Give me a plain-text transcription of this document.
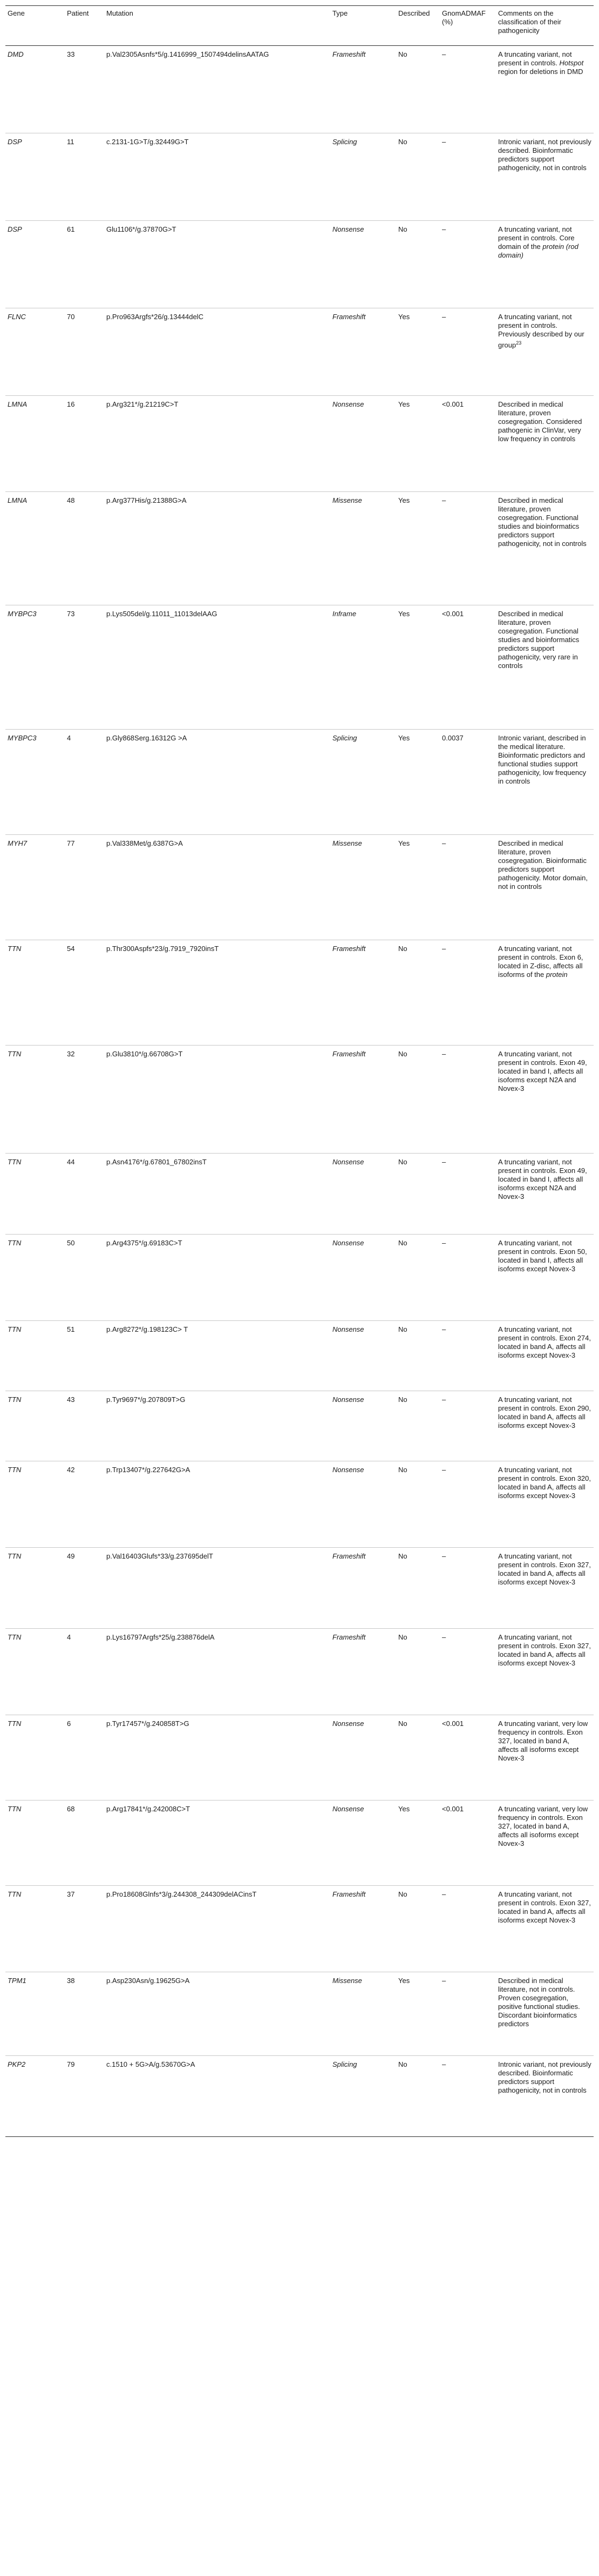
Gene	Patient	Mutation	Type	Described	GnomADMAF (%)	Comments on the classification of their pathogenicity
DMD	33	p.Val2305Asnfs*5/g.1416999_1507494delinsAATAG	Frameshift	No	–	A truncating variant, not present in controls. Hotspot region for deletions in DMD
DSP	11	c.2131-1G>T/g.32449G>T	Splicing	No	–	Intronic variant, not previously described. Bioinformatic predictors support pathogenicity, not in controls
DSP	61	Glu1106*/g.37870G>T	Nonsense	No	–	A truncating variant, not present in controls. Core domain of the protein (rod domain)
FLNC	70	p.Pro963Argfs*26/g.13444delC	Frameshift	Yes	–	A truncating variant, not present in controls. Previously described by our group$^{23}$
LMNA	16	p.Arg321*/g.21219C>T	Nonsense	Yes	<0.001	Described in medical literature, proven cosegregation. Considered pathogenic in ClinVar, very low frequency in controls
LMNA	48	p.Arg377His/g.21388G>A	Missense	Yes	–	Described in medical literature, proven cosegregation. Functional studies and bioinformatics predictors support pathogenicity, not in controls
MYBPC3	73	p.Lys505del/g.11011_11013delAAG	Inframe	Yes	<0.001	Described in medical literature, proven cosegregation. Functional studies and bioinformatics predictors support pathogenicity, very rare in controls
MYBPC3	4	p.Gly868Serg.16312G >A	Splicing	Yes	0.0037	Intronic variant, described in the medical literature. Bioinformatic predictors and functional studies support pathogenicity, low frequency in controls
MYH7	77	p.Val338Met/g.6387G>A	Missense	Yes	–	Described in medical literature, proven cosegregation. Bioinformatic predictors support pathogenicity. Motor domain, not in controls
TTN	54	p.Thr300Aspfs*23/g.7919_7920insT	Frameshift	No	–	A truncating variant, not present in controls. Exon 6, located in Z-disc, affects all isoforms of the protein
TTN	32	p.Glu3810*/g.66708G>T	Frameshift	No	–	A truncating variant, not present in controls. Exon 49, located in band I, affects all isoforms except N2A and Novex-3
TTN	44	p.Asn4176*/g.67801_67802insT	Nonsense	No	–	A truncating variant, not present in controls. Exon 49, located in band I, affects all isoforms except N2A and Novex-3
TTN	50	p.Arg4375*/g.69183C>T	Nonsense	No	–	A truncating variant, not present in controls. Exon 50, located in band I, affects all isoforms except Novex-3
TTN	51	p.Arg8272*/g.198123C> T	Nonsense	No	–	A truncating variant, not present in controls. Exon 274, located in band A, affects all isoforms except Novex-3
TTN	43	p.Tyr9697*/g.207809T>G	Nonsense	No	–	A truncating variant, not present in controls. Exon 290, located in band A, affects all isoforms except Novex-3
TTN	42	p.Trp13407*/g.227642G>A	Nonsense	No	–	A truncating variant, not present in controls. Exon 320, located in band A, affects all isoforms except Novex-3
TTN	49	p.Val16403Glufs*33/g.237695delT	Frameshift	No	–	A truncating variant, not present in controls. Exon 327, located in band A, affects all isoforms except Novex-3
TTN	4	p.Lys16797Argfs*25/g.238876delA	Frameshift	No	–	A truncating variant, not present in controls. Exon 327, located in band A, affects all isoforms except Novex-3
TTN	6	p.Tyr17457*/g.240858T>G	Nonsense	No	<0.001	A truncating variant, very low frequency in controls. Exon 327, located in band A, affects all isoforms except Novex-3
TTN	68	p.Arg17841*/g.242008C>T	Nonsense	Yes	<0.001	A truncating variant, very low frequency in controls. Exon 327, located in band A, affects all isoforms except Novex-3
TTN	37	p.Pro18608Glnfs*3/g.244308_244309delACinsT	Frameshift	No	–	A truncating variant, not present in controls. Exon 327, located in band A, affects all isoforms except Novex-3
TPM1	38	p.Asp230Asn/g.19625G>A	Missense	Yes	–	Described in medical literature, not in controls. Proven cosegregation, positive functional studies. Discordant bioinformatics predictors
PKP2	79	c.1510 + 5G>A/g.53670G>A	Splicing	No	–	Intronic variant, not previously described. Bioinformatic predictors support pathogenicity, not in controls
